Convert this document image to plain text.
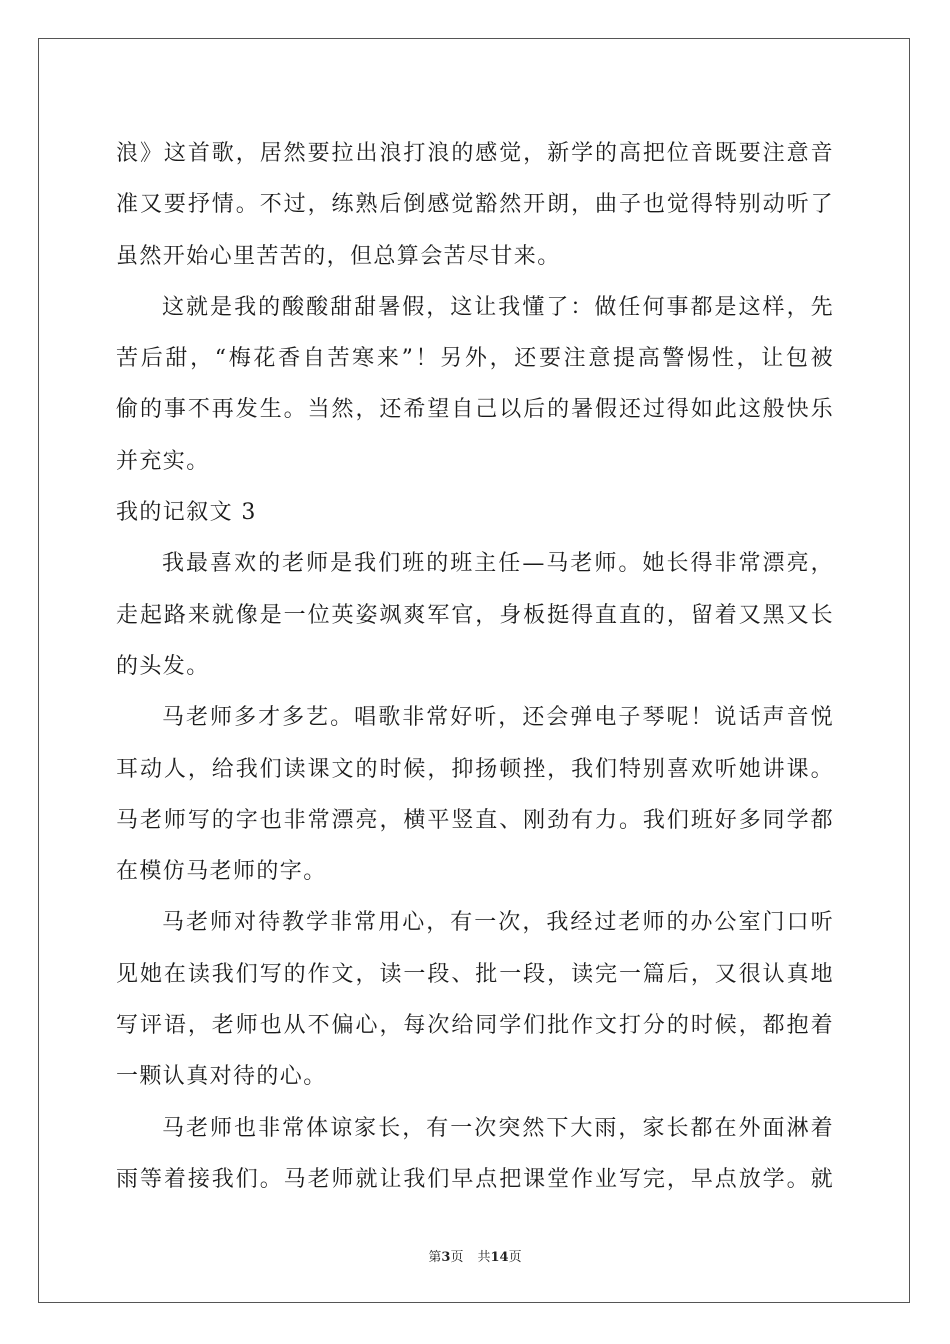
浪》这首歌，居然要拉出浪打浪的感觉，新学的高把位音既要注意音
准又要抒情。不过，练熟后倒感觉豁然开朗，曲子也觉得特别动听了
虽然开始心里苦苦的，但总算会苦尽甘来。
这就是我的酸酸甜甜暑假，这让我懂了：做任何事都是这样，先
苦后甜，“梅花香自苦寒来”！另外，还要注意提高警惕性，让包被
偷的事不再发生。当然，还希望自己以后的暑假还过得如此这般快乐
并充实。
我的记叙文 3
我最喜欢的老师是我们班的班主任—马老师。她长得非常漂亮，
走起路来就像是一位英姿飒爽军官，身板挺得直直的，留着又黑又长
的头发。
马老师多才多艺。唱歌非常好听，还会弹电子琴呢！说话声音悦
耳动人，给我们读课文的时候，抑扬顿挫，我们特别喜欢听她讲课。
马老师写的字也非常漂亮，横平竖直、刚劲有力。我们班好多同学都
在模仿马老师的字。
马老师对待教学非常用心，有一次，我经过老师的办公室门口听
见她在读我们写的作文，读一段、批一段，读完一篇后，又很认真地
写评语，老师也从不偏心，每次给同学们批作文打分的时候，都抱着
一颗认真对待的心。
马老师也非常体谅家长，有一次突然下大雨，家长都在外面淋着
雨等着接我们。马老师就让我们早点把课堂作业写完，早点放学。就
第3页 共14页
